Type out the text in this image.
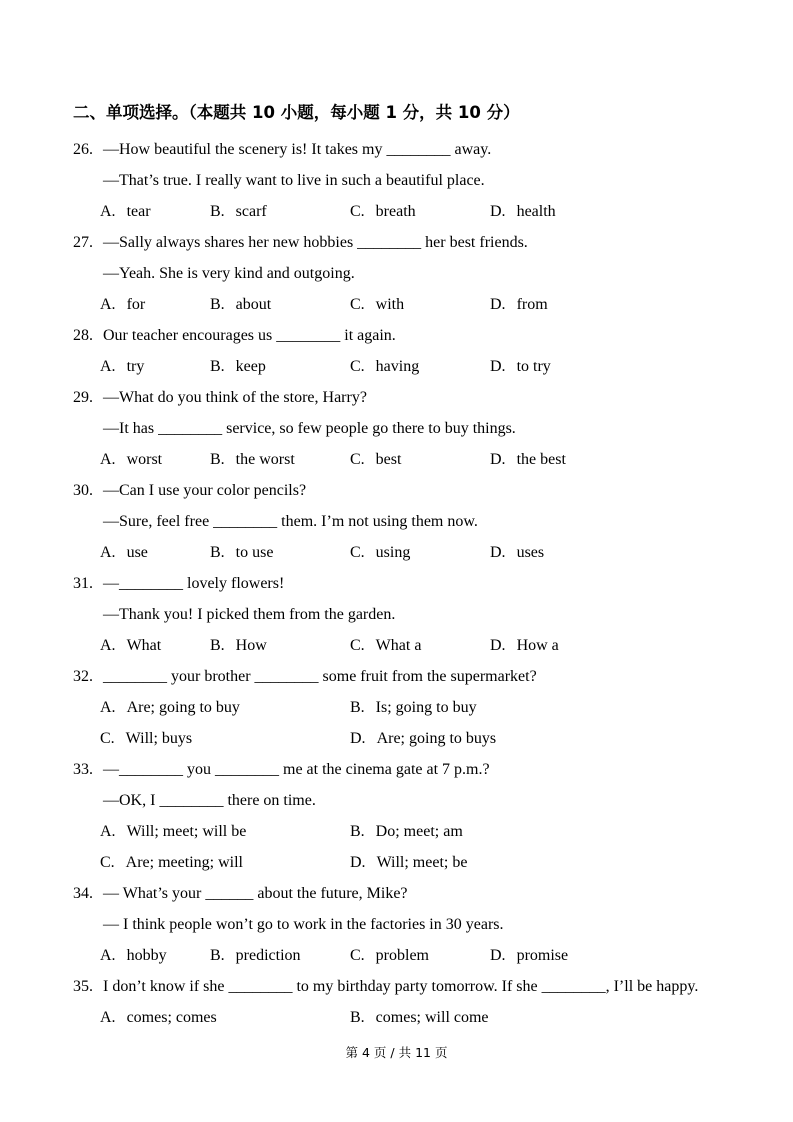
二、单项选择。（本题共 10 小题，每小题 1 分，共 10 分）
26. —How beautiful the scenery is! It takes my ________ away.
—That’s true. I really want to live in such a beautiful place.
A. tear	B. scarf	C. breath	D. health
27. —Sally always shares her new hobbies ________ her best friends.
—Yeah. She is very kind and outgoing.
A. for	B. about	C. with	D. from
28. Our teacher encourages us ________ it again.
A. try	B. keep	C. having	D. to try
29. —What do you think of the store, Harry?
—It has ________ service, so few people go there to buy things.
A. worst	B. the worst	C. best	D. the best
30. —Can I use your color pencils?
—Sure, feel free ________ them. I’m not using them now.
A. use	B. to use	C. using	D. uses
31. —________ lovely flowers!
—Thank you! I picked them from the garden.
A. What	B. How	C. What a	D. How a
32. ________ your brother ________ some fruit from the supermarket?
A. Are; going to buy	B. Is; going to buy
C. Will; buys	D. Are; going to buys
33. —________ you ________ me at the cinema gate at 7 p.m.?
—OK, I ________ there on time.
A. Will; meet; will be	B. Do; meet; am
C. Are; meeting; will	D. Will; meet; be
34. — What’s your ______ about the future, Mike?
— I think people won’t go to work in the factories in 30 years.
A. hobby	B. prediction	C. problem	D. promise
35. I don’t know if she ________ to my birthday party tomorrow. If she ________, I’ll be happy.
A. comes; comes	B. comes; will come
第 4 页 / 共 11 页
